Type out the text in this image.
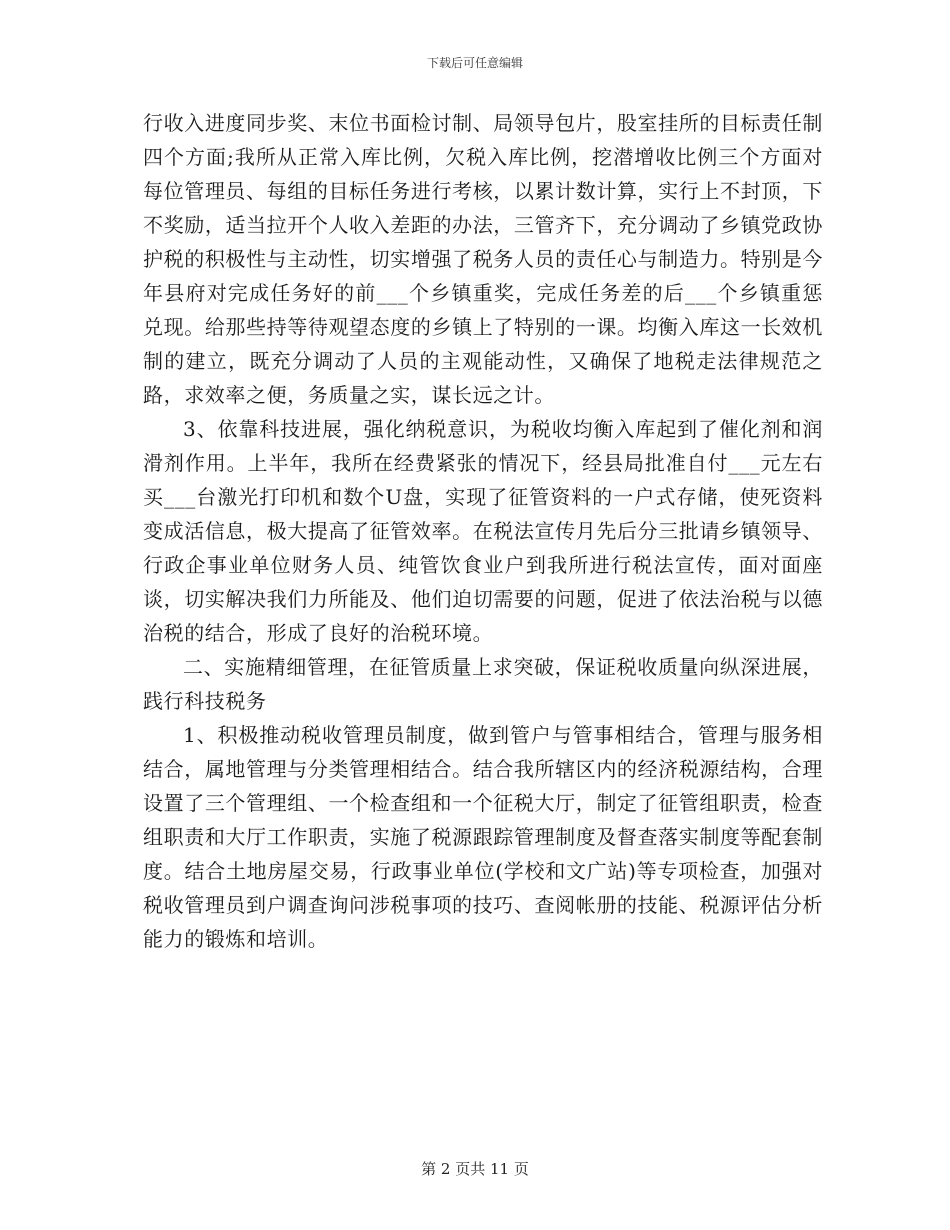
下载后可任意编辑

行收入进度同步奖、末位书面检讨制、局领导包片，股室挂所的目标责任制四个方面;我所从正常入库比例，欠税入库比例，挖潜增收比例三个方面对每位管理员、每组的目标任务进行考核，以累计数计算，实行上不封顶，下不奖励，适当拉开个人收入差距的办法，三管齐下，充分调动了乡镇党政协护税的积极性与主动性，切实增强了税务人员的责任心与制造力。特别是今年县府对完成任务好的前___个乡镇重奖，完成任务差的后___个乡镇重惩兑现。给那些持等待观望态度的乡镇上了特别的一课。均衡入库这一长效机制的建立，既充分调动了人员的主观能动性，又确保了地税走法律规范之路，求效率之便，务质量之实，谋长远之计。

3、依靠科技进展，强化纳税意识，为税收均衡入库起到了催化剂和润滑剂作用。上半年，我所在经费紧张的情况下，经县局批准自付___元左右买___台激光打印机和数个U盘，实现了征管资料的一户式存储，使死资料变成活信息，极大提高了征管效率。在税法宣传月先后分三批请乡镇领导、行政企事业单位财务人员、纯管饮食业户到我所进行税法宣传，面对面座谈，切实解决我们力所能及、他们迫切需要的问题，促进了依法治税与以德治税的结合，形成了良好的治税环境。

二、实施精细管理，在征管质量上求突破，保证税收质量向纵深进展，践行科技税务

1、积极推动税收管理员制度，做到管户与管事相结合，管理与服务相结合，属地管理与分类管理相结合。结合我所辖区内的经济税源结构，合理设置了三个管理组、一个检查组和一个征税大厅，制定了征管组职责，检查组职责和大厅工作职责，实施了税源跟踪管理制度及督查落实制度等配套制度。结合土地房屋交易，行政事业单位(学校和文广站)等专项检查，加强对税收管理员到户调查询问涉税事项的技巧、查阅帐册的技能、税源评估分析能力的锻炼和培训。

第 2 页共 11 页
